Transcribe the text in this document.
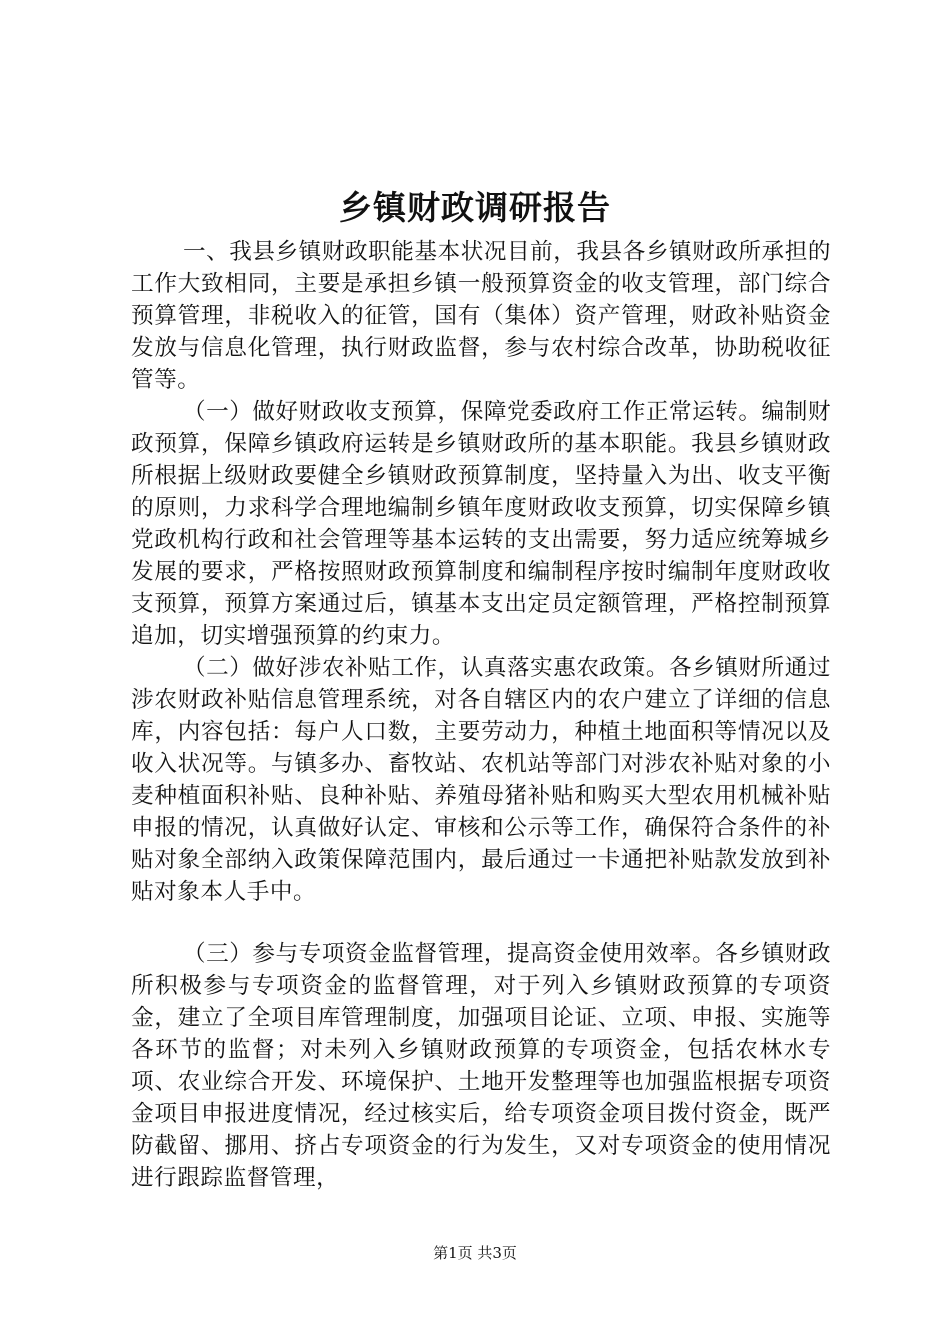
乡镇财政调研报告

一、我县乡镇财政职能基本状况目前，我县各乡镇财政所承担的工作大致相同，主要是承担乡镇一般预算资金的收支管理，部门综合预算管理，非税收入的征管，国有（集体）资产管理，财政补贴资金发放与信息化管理，执行财政监督，参与农村综合改革，协助税收征管等。

（一）做好财政收支预算，保障党委政府工作正常运转。编制财政预算，保障乡镇政府运转是乡镇财政所的基本职能。我县乡镇财政所根据上级财政要健全乡镇财政预算制度，坚持量入为出、收支平衡的原则，力求科学合理地编制乡镇年度财政收支预算，切实保障乡镇党政机构行政和社会管理等基本运转的支出需要，努力适应统筹城乡发展的要求，严格按照财政预算制度和编制程序按时编制年度财政收支预算，预算方案通过后，镇基本支出定员定额管理，严格控制预算追加，切实增强预算的约束力。

（二）做好涉农补贴工作，认真落实惠农政策。各乡镇财所通过涉农财政补贴信息管理系统，对各自辖区内的农户建立了详细的信息库，内容包括：每户人口数，主要劳动力，种植土地面积等情况以及收入状况等。与镇多办、畜牧站、农机站等部门对涉农补贴对象的小麦种植面积补贴、良种补贴、养殖母猪补贴和购买大型农用机械补贴申报的情况，认真做好认定、审核和公示等工作，确保符合条件的补贴对象全部纳入政策保障范围内，最后通过一卡通把补贴款发放到补贴对象本人手中。

（三）参与专项资金监督管理，提高资金使用效率。各乡镇财政所积极参与专项资金的监督管理，对于列入乡镇财政预算的专项资金，建立了全项目库管理制度，加强项目论证、立项、申报、实施等各环节的监督；对未列入乡镇财政预算的专项资金，包括农林水专项、农业综合开发、环境保护、土地开发整理等也加强监根据专项资金项目申报进度情况，经过核实后，给专项资金项目拨付资金，既严防截留、挪用、挤占专项资金的行为发生，又对专项资金的使用情况进行跟踪监督管理，

第1页 共3页
